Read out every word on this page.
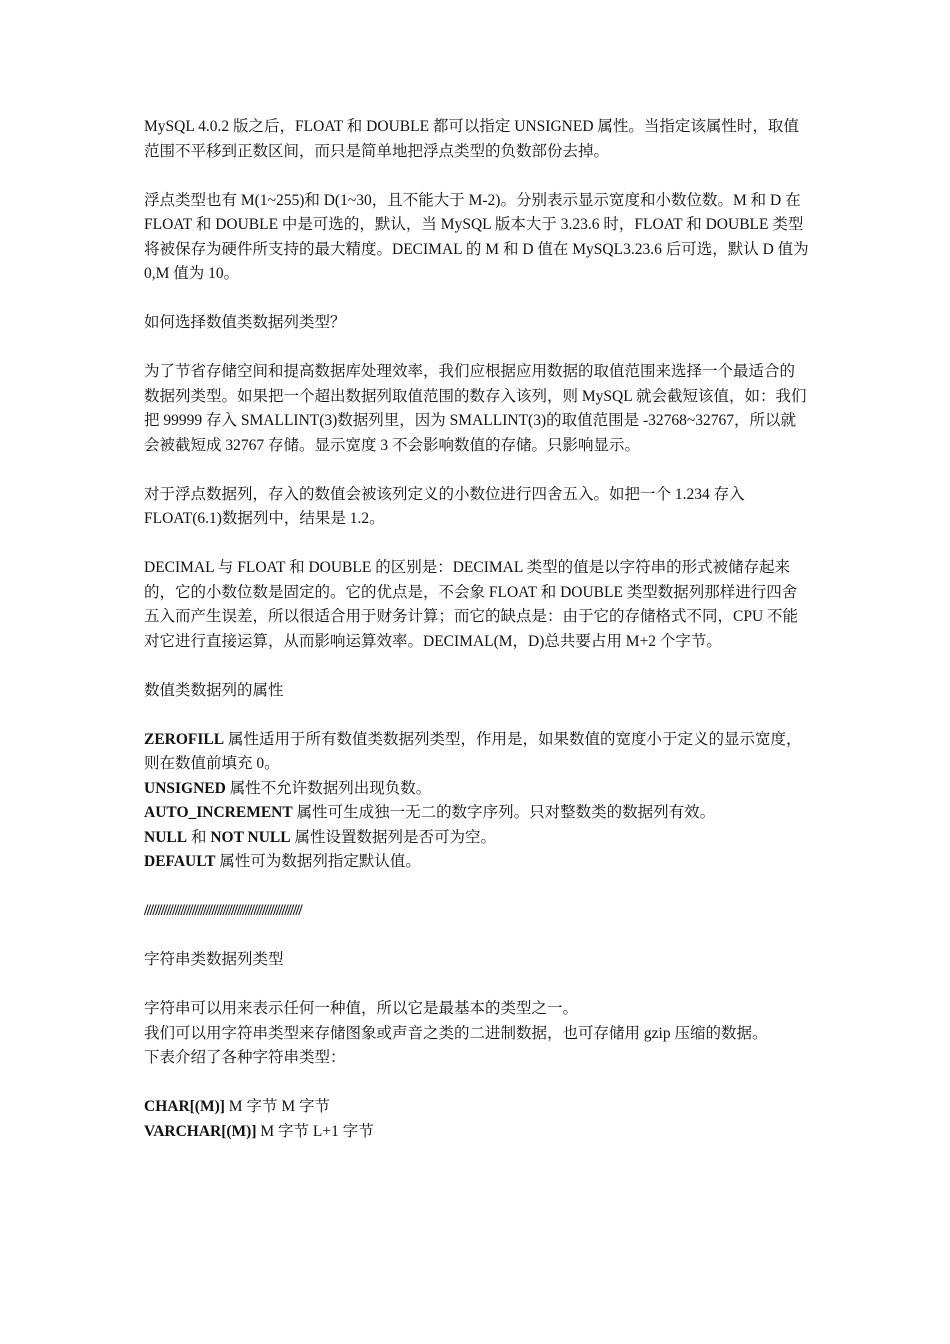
MySQL 4.0.2 版之后，FLOAT 和 DOUBLE 都可以指定 UNSIGNED 属性。当指定该属性时，取值范围不平移到正数区间，而只是简单地把浮点类型的负数部份去掉。

浮点类型也有 M(1~255)和 D(1~30，且不能大于 M-2)。分别表示显示宽度和小数位数。M 和 D 在 FLOAT 和 DOUBLE 中是可选的，默认，当 MySQL 版本大于 3.23.6 时，FLOAT 和 DOUBLE 类型将被保存为硬件所支持的最大精度。DECIMAL 的 M 和 D 值在 MySQL3.23.6 后可选，默认 D 值为 0,M 值为 10。

如何选择数值类数据列类型？

为了节省存储空间和提高数据库处理效率，我们应根据应用数据的取值范围来选择一个最适合的数据列类型。如果把一个超出数据列取值范围的数存入该列，则 MySQL 就会截短该值，如：我们把 99999 存入 SMALLINT(3)数据列里，因为 SMALLINT(3)的取值范围是 -32768~32767，所以就会被截短成 32767 存储。显示宽度 3 不会影响数值的存储。只影响显示。

对于浮点数据列，存入的数值会被该列定义的小数位进行四舍五入。如把一个 1.234 存入 FLOAT(6.1)数据列中，结果是 1.2。

DECIMAL 与 FLOAT 和 DOUBLE 的区别是：DECIMAL 类型的值是以字符串的形式被储存起来的，它的小数位数是固定的。它的优点是，不会象 FLOAT 和 DOUBLE 类型数据列那样进行四舍五入而产生误差，所以很适合用于财务计算；而它的缺点是：由于它的存储格式不同，CPU 不能对它进行直接运算，从而影响运算效率。DECIMAL(M，D)总共要占用 M+2 个字节。

数值类数据列的属性

ZEROFILL 属性适用于所有数值类数据列类型，作用是，如果数值的宽度小于定义的显示宽度，则在数值前填充 0。

UNSIGNED 属性不允许数据列出现负数。

AUTO_INCREMENT 属性可生成独一无二的数字序列。只对整数类的数据列有效。

NULL 和 NOT NULL 属性设置数据列是否可为空。

DEFAULT 属性可为数据列指定默认值。

////////////////////////////////////////////////////////

字符串类数据列类型

字符串可以用来表示任何一种值，所以它是最基本的类型之一。

我们可以用字符串类型来存储图象或声音之类的二进制数据，也可存储用 gzip 压缩的数据。

下表介绍了各种字符串类型：

CHAR[(M)] M 字节 M 字节

VARCHAR[(M)] M 字节 L+1 字节
